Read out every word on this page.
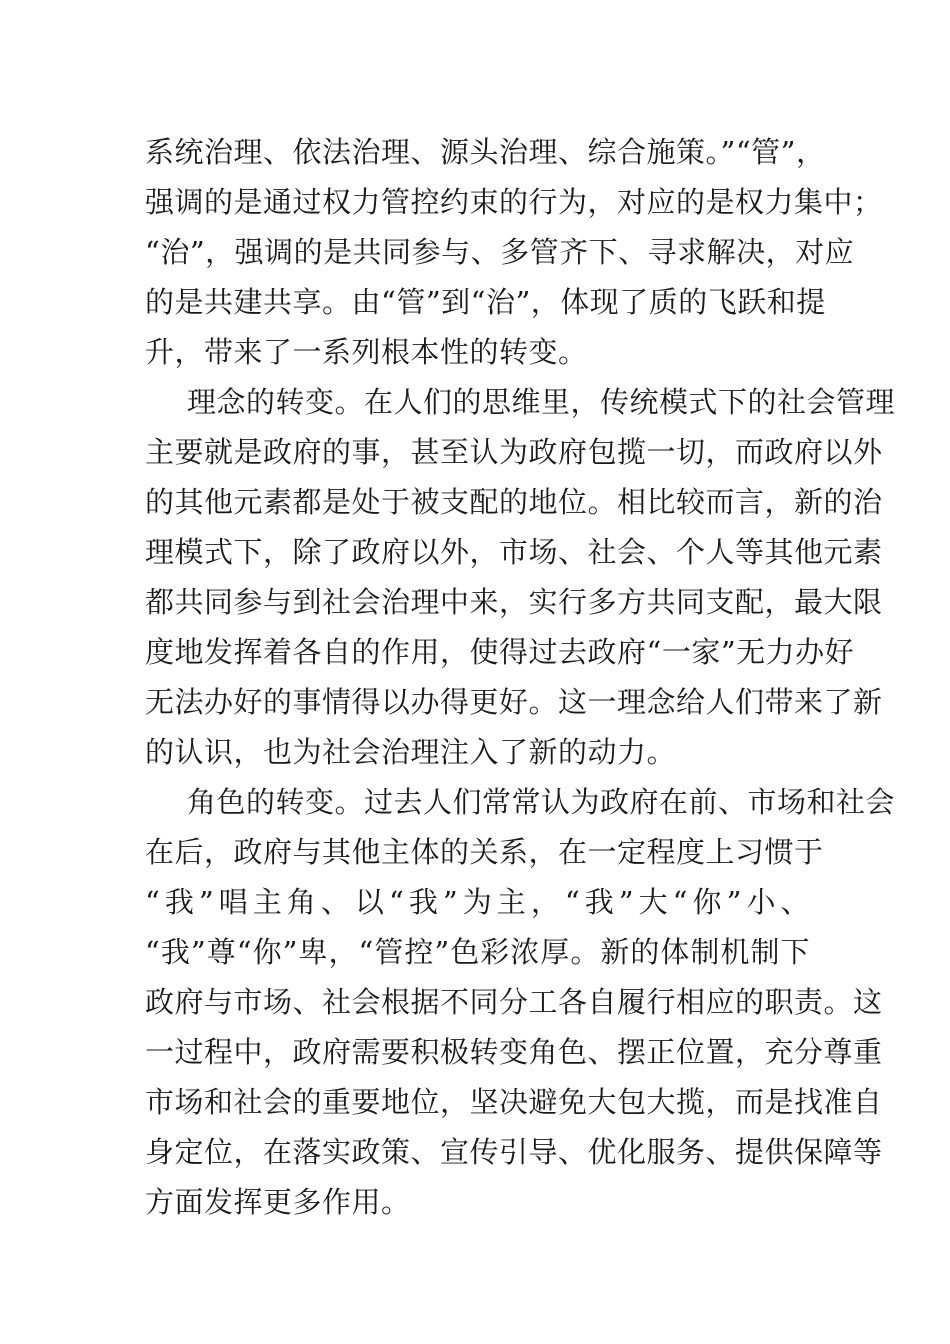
系统治理、依法治理、源头治理、综合施策。”“管”，
强调的是通过权力管控约束的行为，对应的是权力集中；
“治”，强调的是共同参与、多管齐下、寻求解决，对应
的是共建共享。由“管”到“治”，体现了质的飞跃和提
升，带来了一系列根本性的转变。
理念的转变。在人们的思维里，传统模式下的社会管理
主要就是政府的事，甚至认为政府包揽一切，而政府以外
的其他元素都是处于被支配的地位。相比较而言，新的治
理模式下，除了政府以外，市场、社会、个人等其他元素
都共同参与到社会治理中来，实行多方共同支配，最大限
度地发挥着各自的作用，使得过去政府“一家”无力办好
无法办好的事情得以办得更好。这一理念给人们带来了新
的认识，也为社会治理注入了新的动力。
角色的转变。过去人们常常认为政府在前、市场和社会
在后，政府与其他主体的关系，在一定程度上习惯于
“我”唱主角、以“我”为主，“我”大“你”小、
“我”尊“你”卑，“管控”色彩浓厚。新的体制机制下
政府与市场、社会根据不同分工各自履行相应的职责。这
一过程中，政府需要积极转变角色、摆正位置，充分尊重
市场和社会的重要地位，坚决避免大包大揽，而是找准自
身定位，在落实政策、宣传引导、优化服务、提供保障等
方面发挥更多作用。
